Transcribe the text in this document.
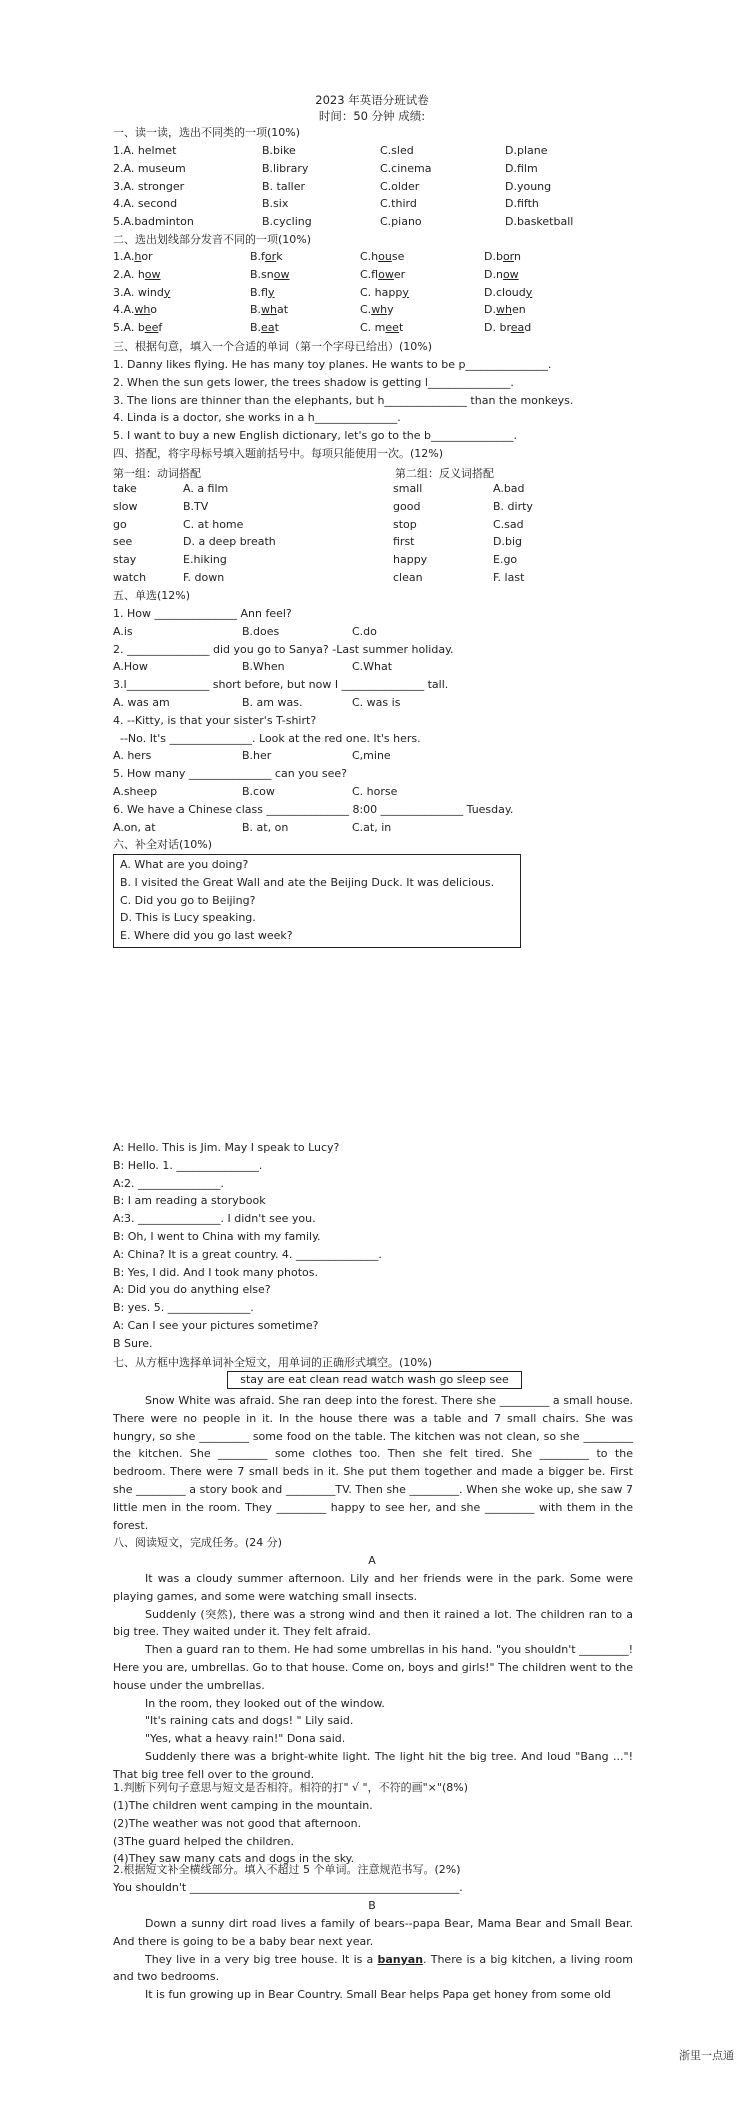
2023 年英语分班试卷
时间：50 分钟 成绩:
一、读一读，选出不同类的一项(10%)
1.A. helmet	B.bike	C.sled	D.plane
2.A. museum	B.library	C.cinema	D.film
3.A. stronger	B. taller	C.older	D.young
4.A. second	B.six	C.third	D.fifth
5.A.badminton	B.cycling	C.piano	D.basketball
二、选出划线部分发音不同的一项(10%)
1.A.hor	B.fork	C.house	D.born
2.A. how	B.snow	C.flower	D.now
3.A. windy	B.fly	C. happy	D.cloudy
4.A.who	B.what	C.why	D.when
5.A. beef	B.eat	C. meet	D. bread
三、根据句意，填入一个合适的单词（第一个字母已给出）(10%)
1. Danny likes flying. He has many toy planes. He wants to be p_______________.
2. When the sun gets lower, the trees shadow is getting l_______________.
3. The lions are thinner than the elephants, but h_______________ than the monkeys.
4. Linda is a doctor, she works in a h_______________.
5. I want to buy a new English dictionary, let's go to the b_______________.
四、搭配，将字母标号填入题前括号中。每项只能使用一次。(12%)
第一组：动词搭配	第二组：反义词搭配
take	A. a film	small	A.bad
slow	B.TV	good	B. dirty
go	C. at home	stop	C.sad
see	D. a deep breath	first	D.big
stay	E.hiking	happy	E.go
watch	F. down	clean	F. last
五、单选(12%)
1. How _______________ Ann feel?
A.is	B.does	C.do
2. _______________ did you go to Sanya? -Last summer holiday.
A.How	B.When	C.What
3.I_______________ short before, but now I _______________ tall.
A. was am	B. am was.	C. was is
4. --Kitty, is that your sister's T-shirt?
--No. It's _______________. Look at the red one. It's hers.
A. hers	B.her	C,mine
5. How many _______________ can you see?
A.sheep	B.cow	C. horse
6. We have a Chinese class _______________ 8:00 _______________ Tuesday.
A.on, at	B. at, on	C.at, in
六、补全对话(10%)
A. What are you doing?
B. I visited the Great Wall and ate the Beijing Duck. It was delicious.
C. Did you go to Beijing?
D. This is Lucy speaking.
E. Where did you go last week?
A: Hello. This is Jim. May I speak to Lucy?
B: Hello. 1. _______________.
A:2. _______________.
B: I am reading a storybook
A:3. _______________. I didn't see you.
B: Oh, I went to China with my family.
A: China? It is a great country. 4. _______________.
B: Yes, I did. And I took many photos.
A: Did you do anything else?
B: yes. 5. _______________.
A: Can I see your pictures sometime?
B Sure.
七、从方框中选择单词补全短文，用单词的正确形式填空。(10%)
stay are eat clean read watch wash go sleep see
Snow White was afraid. She ran deep into the forest. There she _________ a small house. There were no people in it. In the house there was a table and 7 small chairs. She was hungry, so she _________ some food on the table. The kitchen was not clean, so she _________ the kitchen. She _________ some clothes too. Then she felt tired. She _________ to the bedroom. There were 7 small beds in it. She put them together and made a bigger be. First she _________ a story book and _________TV. Then she _________. When she woke up, she saw 7 little men in the room. They _________ happy to see her, and she _________ with them in the forest.
八、阅读短文，完成任务。(24 分)
A
It was a cloudy summer afternoon. Lily and her friends were in the park. Some were playing games, and some were watching small insects.
Suddenly (突然), there was a strong wind and then it rained a lot. The children ran to a big tree. They waited under it. They felt afraid.
Then a guard ran to them. He had some umbrellas in his hand. "you shouldn't _________! Here you are, umbrellas. Go to that house. Come on, boys and girls!" The children went to the house under the umbrellas.
In the room, they looked out of the window.
"It's raining cats and dogs! " Lily said.
"Yes, what a heavy rain!" Dona said.
Suddenly there was a bright-white light. The light hit the big tree. And loud "Bang ..."! That big tree fell over to the ground.
1.判断下列句子意思与短文是否相符。相符的打" √ "，不符的画"×"(8%)
(1)The children went camping in the mountain.
(2)The weather was not good that afternoon.
(3The guard helped the children.
(4)They saw many cats and dogs in the sky.
2.根据短文补全横线部分。填入不超过 5 个单词。注意规范书写。(2%)
You shouldn't _________________________________________________.
B
Down a sunny dirt road lives a family of bears--papa Bear, Mama Bear and Small Bear. And there is going to be a baby bear next year.
They live in a very big tree house. It is a banyan. There is a big kitchen, a living room and two bedrooms.
It is fun growing up in Bear Country. Small Bear helps Papa get honey from some old
浙里一点通
